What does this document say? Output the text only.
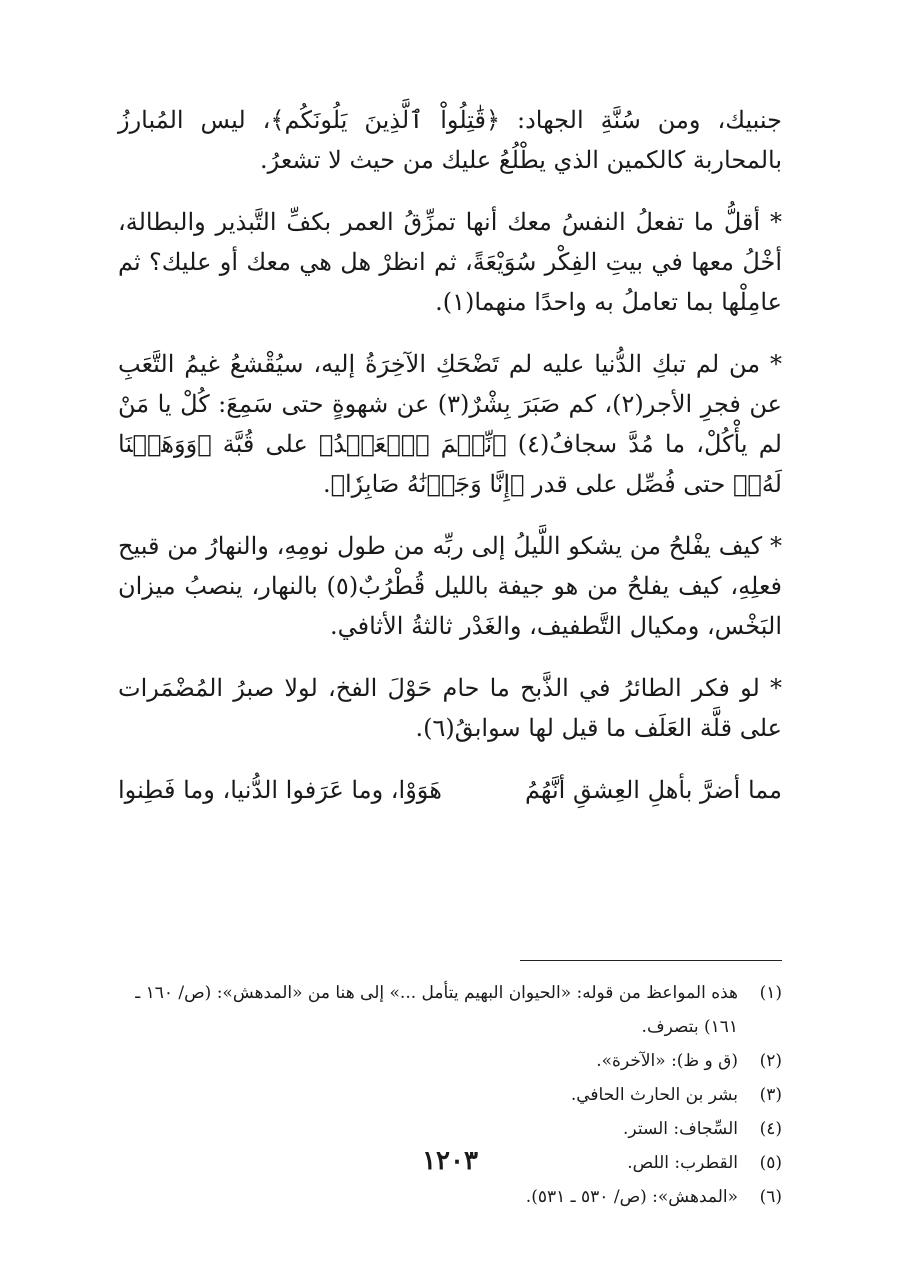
جنبيك، ومن سُنَّةِ الجهاد: ﴿قَٰتِلُواْ ٱلَّذِينَ يَلُونَكُم﴾، ليس المُبارزُ بالمحاربة كالكمين الذي يطْلُعُ عليك من حيث لا تشعرُ.

* أقلُّ ما تفعلُ النفسُ معك أنها تمزِّقُ العمر بكفِّ التَّبذير والبطالة، أخْلُ معها في بيتِ الفِكْر سُوَيْعَةً، ثم انظرْ هل هي معك أو عليك؟ ثم عامِلْها بما تعاملُ به واحدًا منهما(١).

* من لم تبكِ الدُّنيا عليه لم تَضْحَكِ الآخِرَةُ إليه، سيُقْشعُ غيمُ التَّعَبِ عن فجرِ الأجر(٢)، كم صَبَرَ بِشْرٌ(٣) عن شهوةٍ حتى سَمِعَ: كُلْ يا مَنْ لم يأْكُلْ، ما مُدَّ سجافُ(٤) ﴿نِّعۡمَ ٱلۡعَبۡدُ﴾ على قُبَّة ﴿وَوَهَبۡنَا لَهُۥ﴾ حتى فُصِّل على قدر ﴿إِنَّا وَجَدۡنَٰهُ صَابِرٗا﴾.

* كيف يفْلحُ من يشكو اللَّيلُ إلى ربِّه من طول نومِهِ، والنهارُ من قبيح فعلِهِ، كيف يفلحُ من هو جيفة بالليل قُطْرُبٌ(٥) بالنهار، ينصبُ ميزان البَخْس، ومكيال التَّطفيف، والغَدْر ثالثةُ الأثافي.

* لو فكر الطائرُ في الذَّبح ما حام حَوْلَ الفخ، لولا صبرُ المُضْمَرات على قلَّة العَلَف ما قيل لها سوابقُ(٦).

مما أضرَّ بأهلِ العِشقِ أنَّهُمُ
هَوَوْا، وما عَرَفوا الدُّنيا، وما فَطِنوا
(١)
هذه المواعظ من قوله: «الحيوان البهيم يتأمل ...» إلى هنا من «المدهش»: (ص/ ١٦٠ ـ ١٦١) بتصرف.
(٢)
(ق و ظ): «الآخرة».
(٣)
بشر بن الحارث الحافي.
(٤)
السِّجاف: الستر.
(٥)
القطرب: اللص.
(٦)
«المدهش»: (ص/ ٥٣٠ ـ ٥٣١).
١٢٠٣
